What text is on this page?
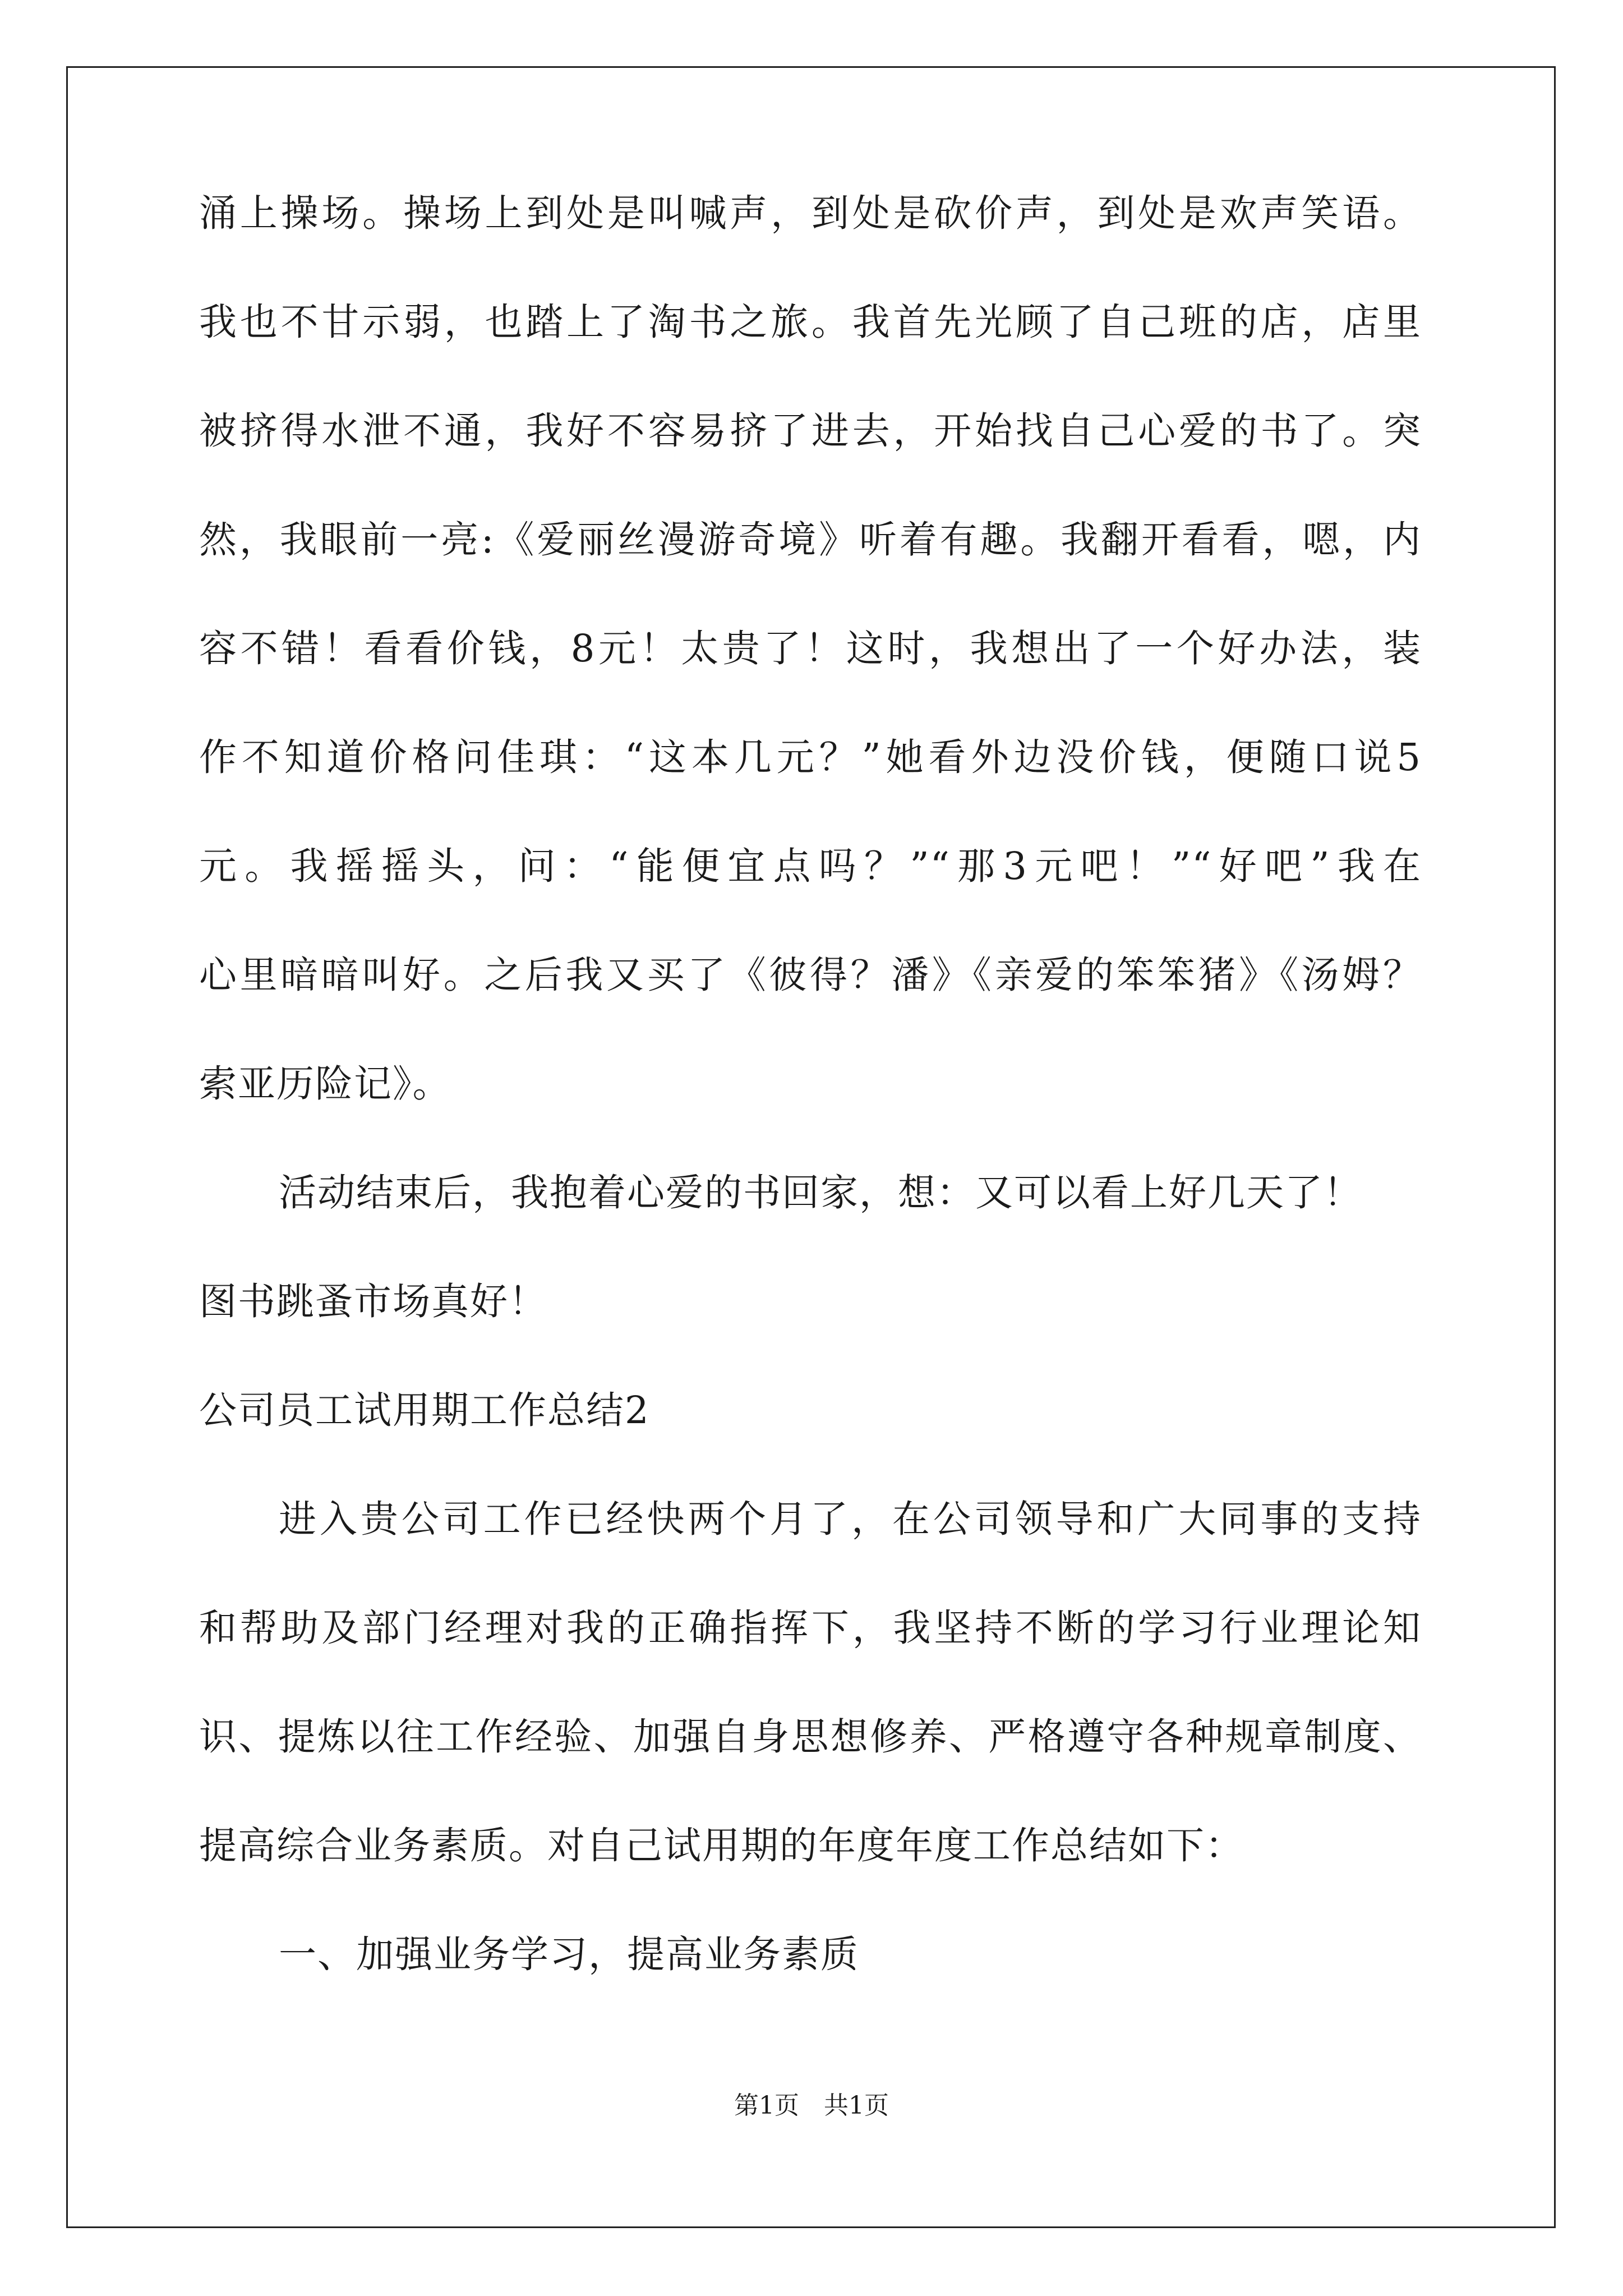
涌上操场。操场上到处是叫喊声，到处是砍价声，到处是欢声笑语。
我也不甘示弱，也踏上了淘书之旅。我首先光顾了自己班的店，店里
被挤得水泄不通，我好不容易挤了进去，开始找自己心爱的书了。突
然，我眼前一亮:《爱丽丝漫游奇境》听着有趣。我翻开看看，嗯，内
容不错！看看价钱，8元！太贵了！这时，我想出了一个好办法，装
作不知道价格问佳琪：“这本几元？”她看外边没价钱，便随口说5
元。我摇摇头，问：“能便宜点吗？”“那3元吧！”“好吧”我在
心里暗暗叫好。之后我又买了《彼得？潘》《亲爱的笨笨猪》《汤姆？
索亚历险记》。
活动结束后，我抱着心爱的书回家，想：又可以看上好几天了！
图书跳蚤市场真好！
公司员工试用期工作总结2
进入贵公司工作已经快两个月了，在公司领导和广大同事的支持
和帮助及部门经理对我的正确指挥下，我坚持不断的学习行业理论知
识、提炼以往工作经验、加强自身思想修养、严格遵守各种规章制度、
提高综合业务素质。对自己试用期的年度年度工作总结如下：
一、加强业务学习，提高业务素质
第1页　共1页
